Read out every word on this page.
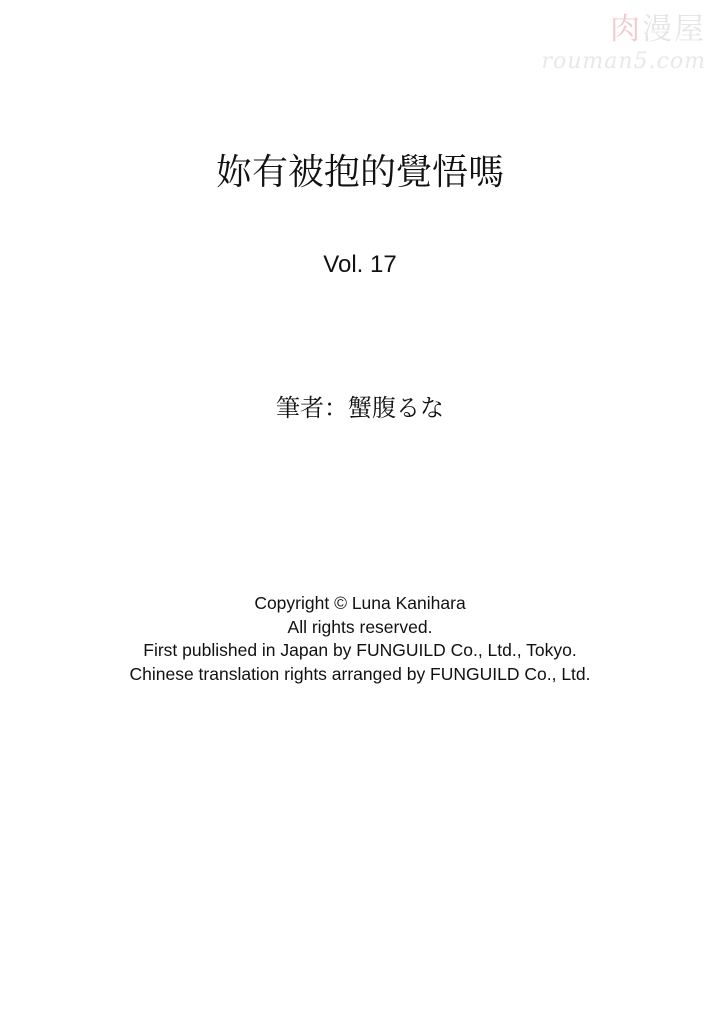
肉漫屋
rouman5.com
妳有被抱的覺悟嗎
Vol. 17
筆者：蟹腹るな
Copyright © Luna Kanihara
All rights reserved.
First published in Japan by FUNGUILD Co., Ltd., Tokyo.
Chinese translation rights arranged by FUNGUILD Co., Ltd.
